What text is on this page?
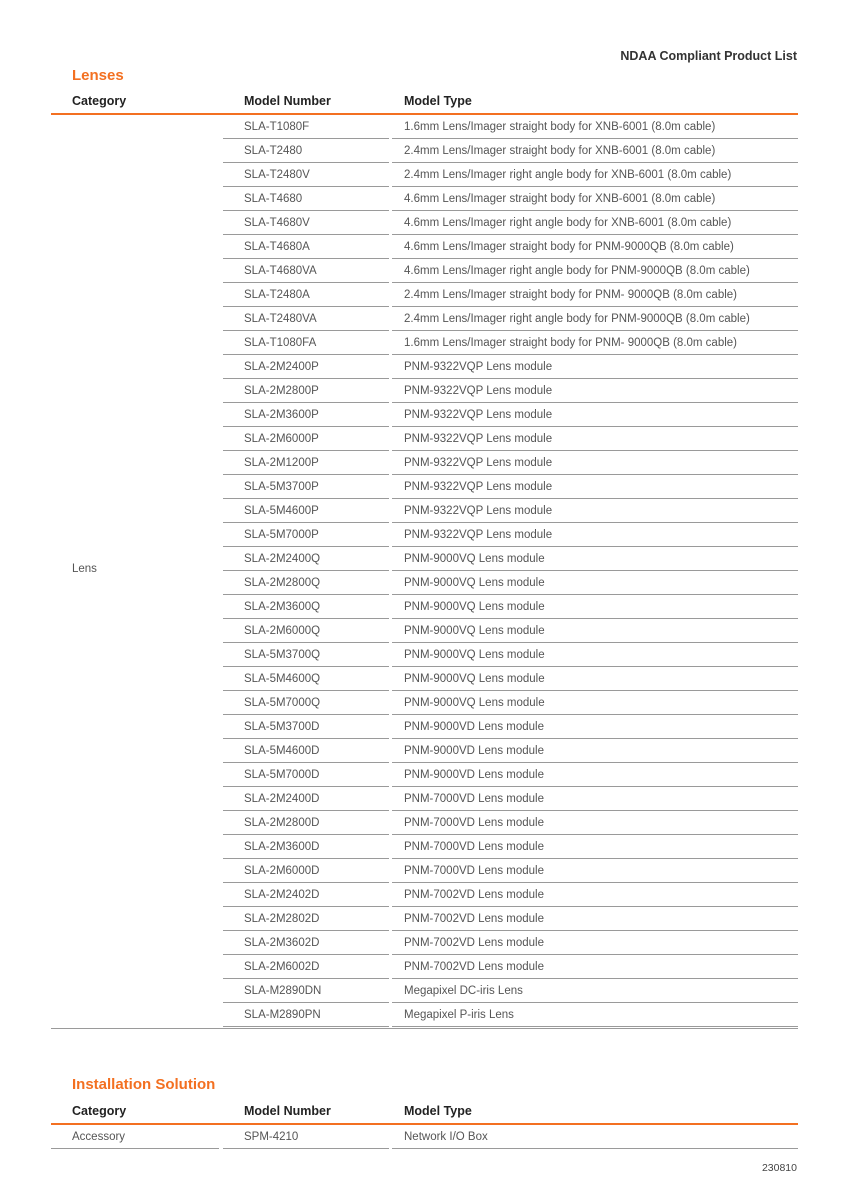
NDAA Compliant Product List
Lenses
Category	Model Number	Model Type
Lens
SLA-T1080F	1.6mm Lens/Imager straight body for XNB-6001 (8.0m cable)
SLA-T2480	2.4mm Lens/Imager straight body for XNB-6001 (8.0m cable)
SLA-T2480V	2.4mm Lens/Imager right angle body for XNB-6001 (8.0m cable)
SLA-T4680	4.6mm Lens/Imager straight body for XNB-6001 (8.0m cable)
SLA-T4680V	4.6mm Lens/Imager right angle body for XNB-6001 (8.0m cable)
SLA-T4680A	4.6mm Lens/Imager straight body for PNM-9000QB (8.0m cable)
SLA-T4680VA	4.6mm Lens/Imager right angle body for PNM-9000QB (8.0m cable)
SLA-T2480A	2.4mm Lens/Imager straight body for PNM- 9000QB (8.0m cable)
SLA-T2480VA	2.4mm Lens/Imager right angle body for PNM-9000QB (8.0m cable)
SLA-T1080FA	1.6mm Lens/Imager straight body for PNM- 9000QB (8.0m cable)
SLA-2M2400P	PNM-9322VQP Lens module
SLA-2M2800P	PNM-9322VQP Lens module
SLA-2M3600P	PNM-9322VQP Lens module
SLA-2M6000P	PNM-9322VQP Lens module
SLA-2M1200P	PNM-9322VQP Lens module
SLA-5M3700P	PNM-9322VQP Lens module
SLA-5M4600P	PNM-9322VQP Lens module
SLA-5M7000P	PNM-9322VQP Lens module
SLA-2M2400Q	PNM-9000VQ Lens module
SLA-2M2800Q	PNM-9000VQ Lens module
SLA-2M3600Q	PNM-9000VQ Lens module
SLA-2M6000Q	PNM-9000VQ Lens module
SLA-5M3700Q	PNM-9000VQ Lens module
SLA-5M4600Q	PNM-9000VQ Lens module
SLA-5M7000Q	PNM-9000VQ Lens module
SLA-5M3700D	PNM-9000VD Lens module
SLA-5M4600D	PNM-9000VD Lens module
SLA-5M7000D	PNM-9000VD Lens module
SLA-2M2400D	PNM-7000VD Lens module
SLA-2M2800D	PNM-7000VD Lens module
SLA-2M3600D	PNM-7000VD Lens module
SLA-2M6000D	PNM-7000VD Lens module
SLA-2M2402D	PNM-7002VD Lens module
SLA-2M2802D	PNM-7002VD Lens module
SLA-2M3602D	PNM-7002VD Lens module
SLA-2M6002D	PNM-7002VD Lens module
SLA-M2890DN	Megapixel DC-iris Lens
SLA-M2890PN	Megapixel P-iris Lens
Installation Solution
Category	Model Number	Model Type
Accessory	SPM-4210	Network I/O Box
230810
